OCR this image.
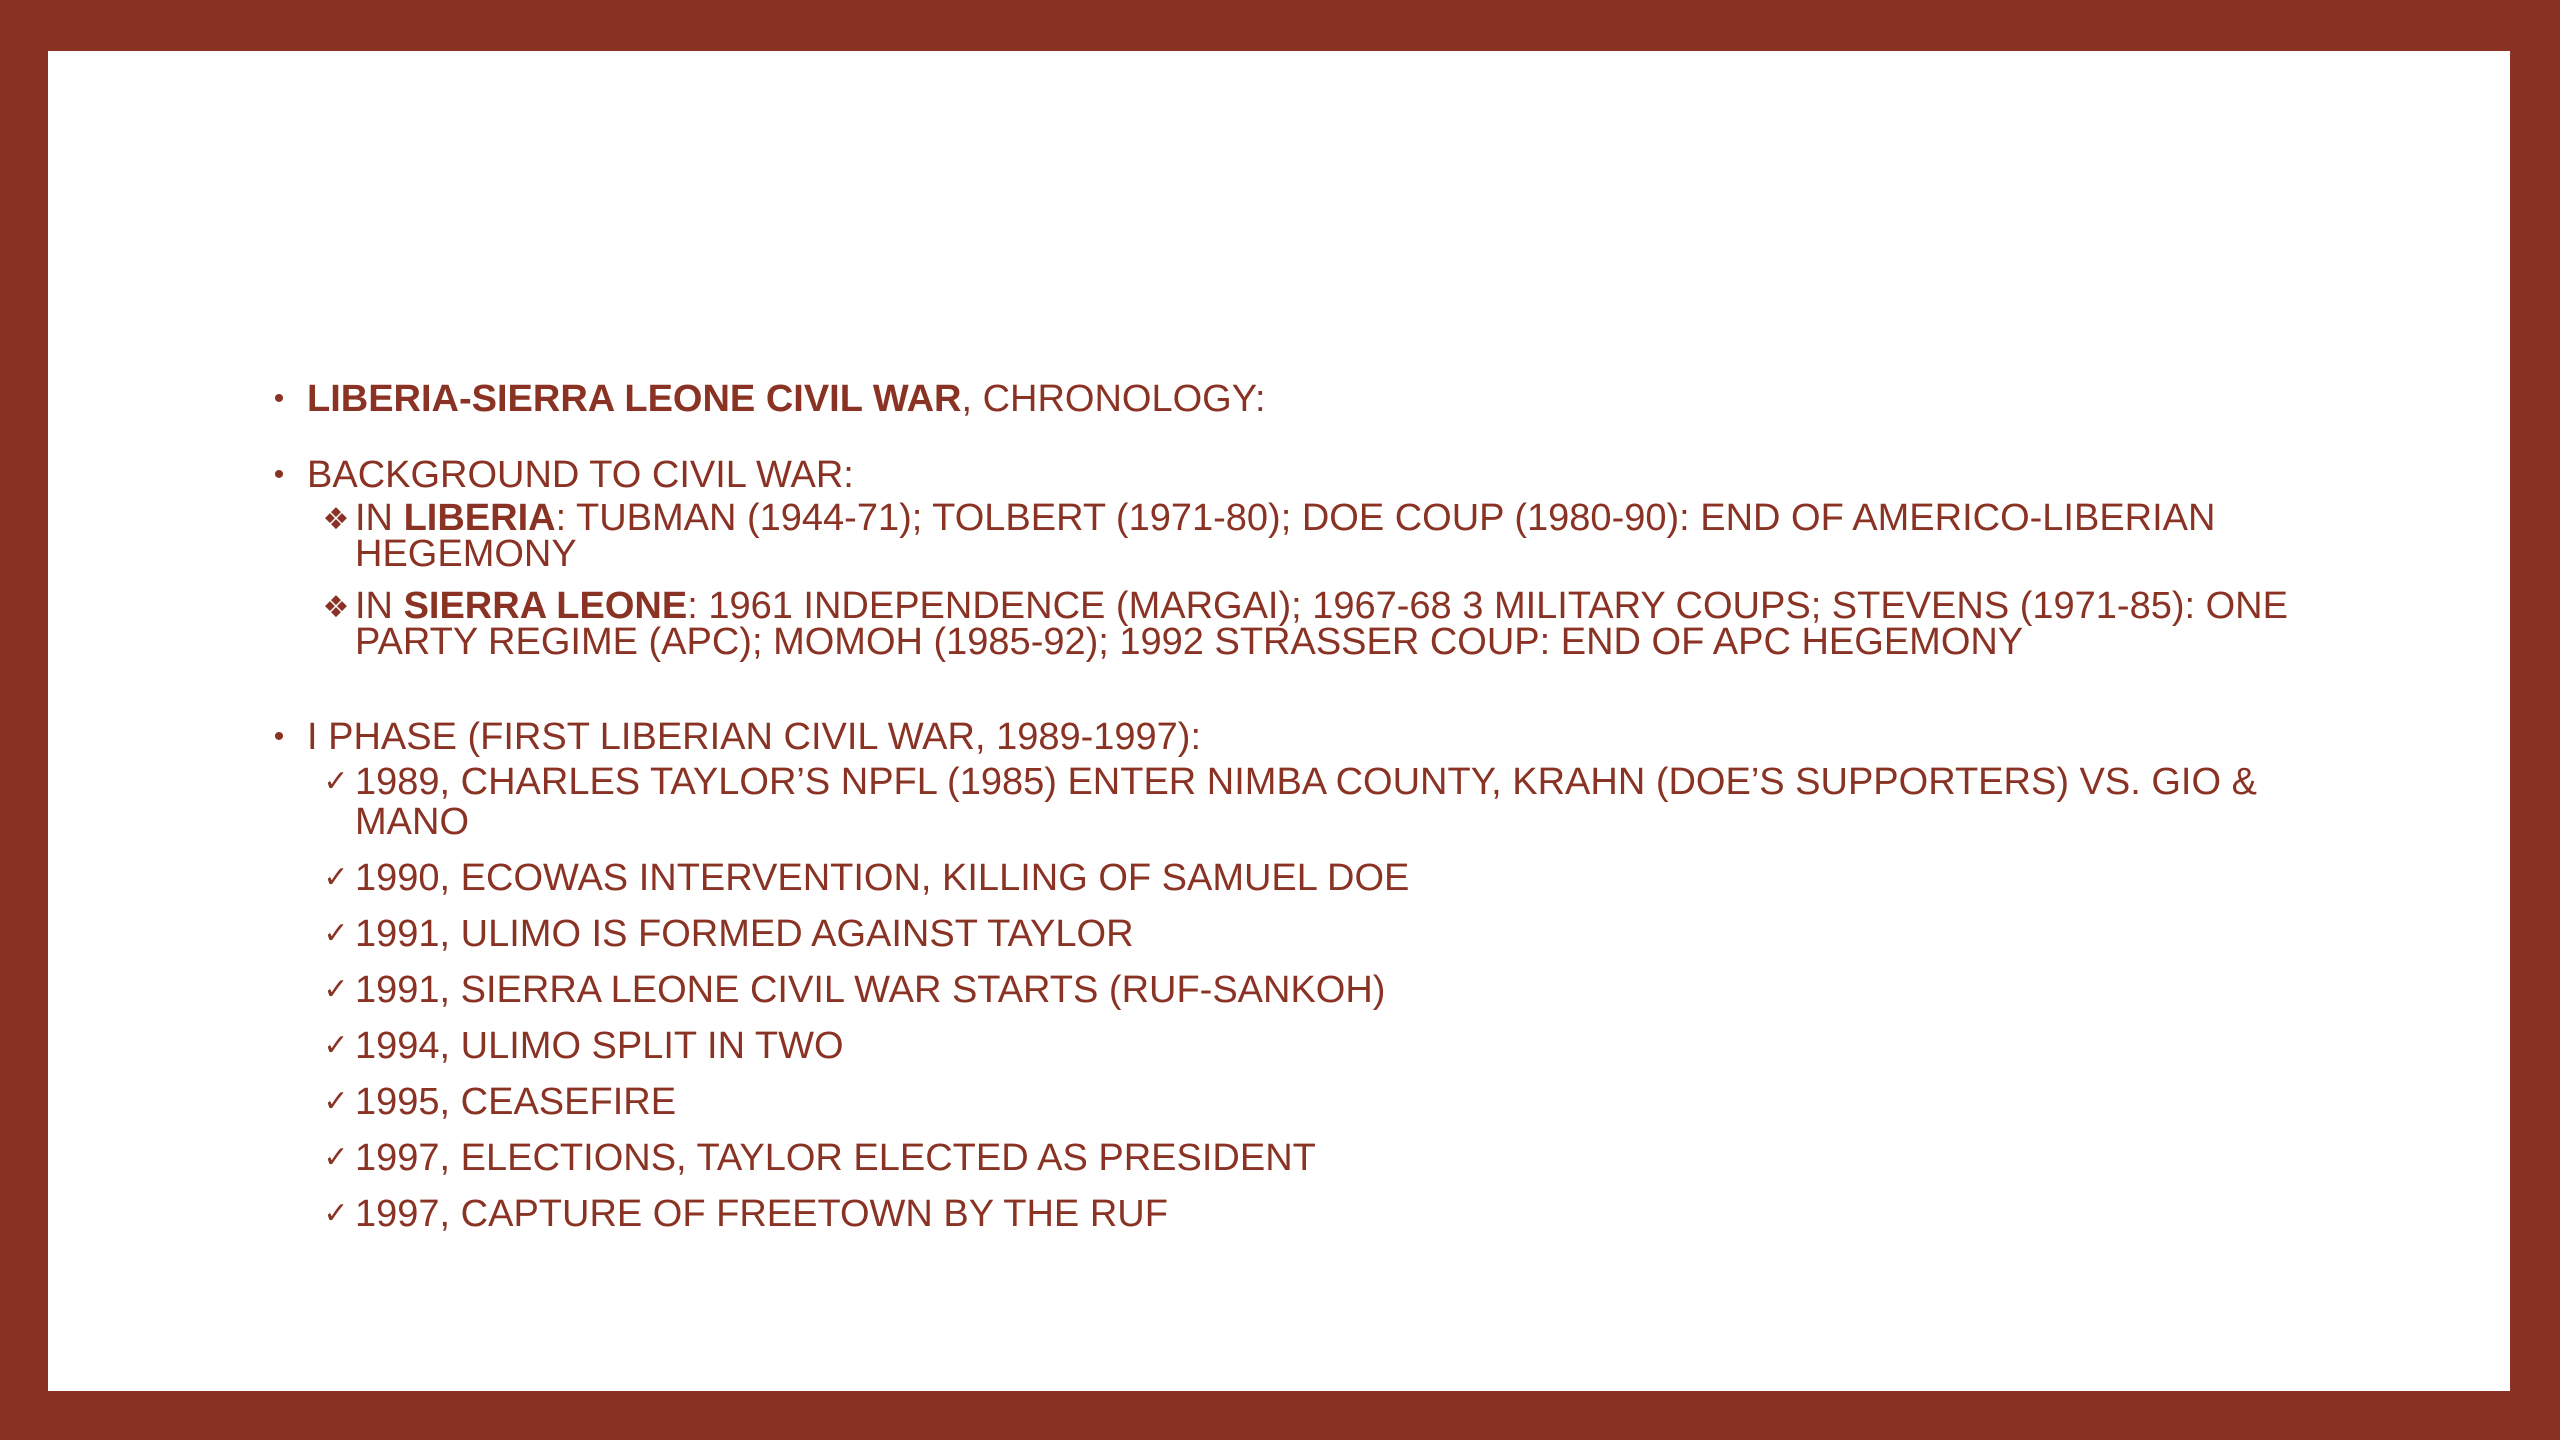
• LIBERIA-SIERRA LEONE CIVIL WAR, CHRONOLOGY:
• BACKGROUND TO CIVIL WAR:
❖ IN LIBERIA: TUBMAN (1944-71); TOLBERT (1971-80); DOE COUP (1980-90): END OF AMERICO-LIBERIAN HEGEMONY
❖ IN SIERRA LEONE: 1961 INDEPENDENCE (MARGAI); 1967-68 3 MILITARY COUPS; STEVENS (1971-85): ONE PARTY REGIME (APC); MOMOH (1985-92); 1992 STRASSER COUP: END OF APC HEGEMONY
• I PHASE (FIRST LIBERIAN CIVIL WAR, 1989-1997):
✓ 1989, CHARLES TAYLOR’S NPFL (1985) ENTER NIMBA COUNTY, KRAHN (DOE’S SUPPORTERS) VS. GIO & MANO
✓ 1990, ECOWAS INTERVENTION, KILLING OF SAMUEL DOE
✓ 1991, ULIMO IS FORMED AGAINST TAYLOR
✓ 1991, SIERRA LEONE CIVIL WAR STARTS (RUF-SANKOH)
✓ 1994, ULIMO SPLIT IN TWO
✓ 1995, CEASEFIRE
✓ 1997, ELECTIONS, TAYLOR ELECTED AS PRESIDENT
✓ 1997, CAPTURE OF FREETOWN BY THE RUF
